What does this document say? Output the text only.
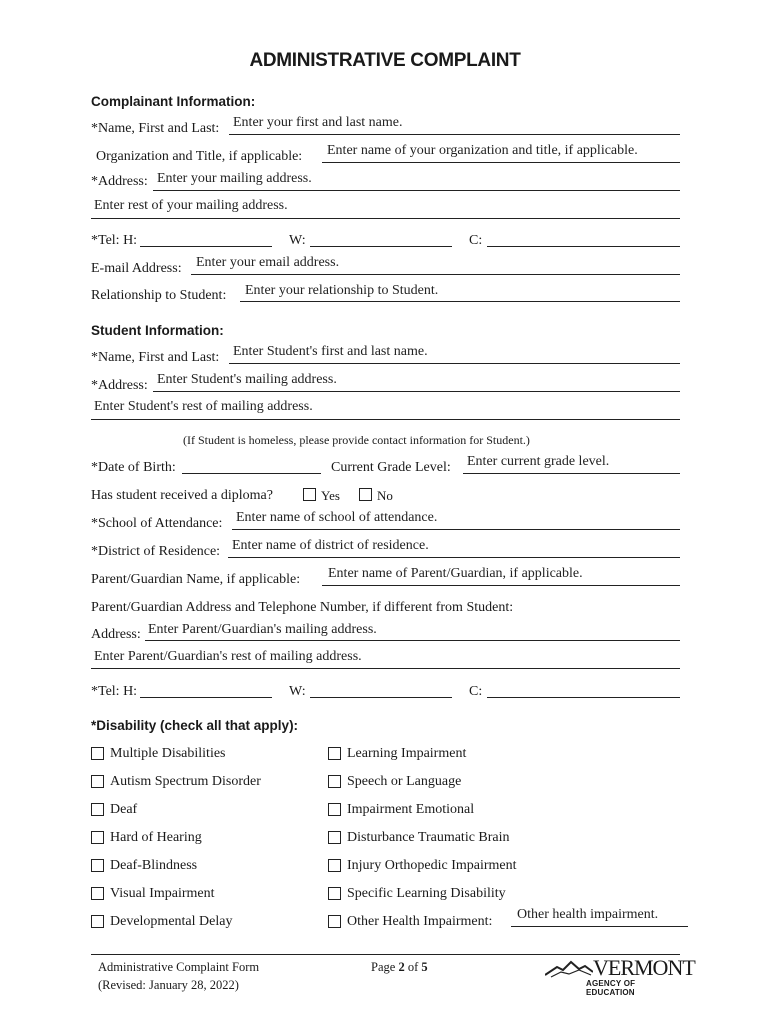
ADMINISTRATIVE COMPLAINT
Complainant Information:
*Name, First and Last: Enter your first and last name.
Organization and Title, if applicable: Enter name of your organization and title, if applicable.
*Address: Enter your mailing address.
Enter rest of your mailing address.
*Tel: H:	W:	C:
E-mail Address: Enter your email address.
Relationship to Student: Enter your relationship to Student.
Student Information:
*Name, First and Last: Enter Student's first and last name.
*Address: Enter Student's mailing address.
Enter Student's rest of mailing address.
(If Student is homeless, please provide contact information for Student.)
*Date of Birth:	Current Grade Level: Enter current grade level.
Has student received a diploma?	Yes	No
*School of Attendance: Enter name of school of attendance.
*District of Residence: Enter name of district of residence.
Parent/Guardian Name, if applicable: Enter name of Parent/Guardian, if applicable.
Parent/Guardian Address and Telephone Number, if different from Student:
Address: Enter Parent/Guardian's mailing address.
Enter Parent/Guardian's rest of mailing address.
*Tel: H:	W:	C:
*Disability (check all that apply):
Multiple Disabilities
Autism Spectrum Disorder
Deaf
Hard of Hearing
Deaf-Blindness
Visual Impairment
Developmental Delay
Learning Impairment
Speech or Language
Impairment Emotional
Disturbance Traumatic Brain
Injury Orthopedic Impairment
Specific Learning Disability
Other Health Impairment: Other health impairment.
Administrative Complaint Form
(Revised: January 28, 2022)
Page 2 of 5	VERMONT
AGENCY OF EDUCATION
